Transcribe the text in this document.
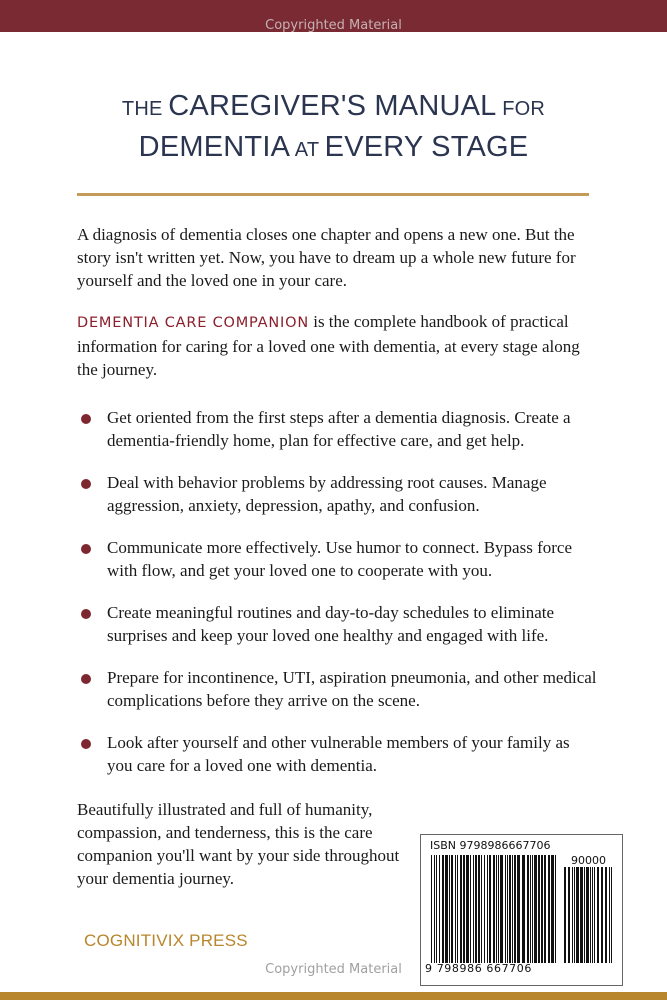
Copyrighted Material
THE CAREGIVER'S MANUAL FOR
DEMENTIA AT EVERY STAGE

A diagnosis of dementia closes one chapter and opens a new one. But the story isn't written yet. Now, you have to dream up a whole new future for yourself and the loved one in your care.

DEMENTIA CARE COMPANION is the complete handbook of practical information for caring for a loved one with dementia, at every stage along the journey.

Get oriented from the first steps after a dementia diagnosis. Create a dementia-friendly home, plan for effective care, and get help.
Deal with behavior problems by addressing root causes. Manage aggression, anxiety, depression, apathy, and confusion.
Communicate more effectively. Use humor to connect. Bypass force with flow, and get your loved one to cooperate with you.
Create meaningful routines and day-to-day schedules to eliminate surprises and keep your loved one healthy and engaged with life.
Prepare for incontinence, UTI, aspiration pneumonia, and other medical complications before they arrive on the scene.
Look after yourself and other vulnerable members of your family as you care for a loved one with dementia.

Beautifully illustrated and full of humanity, compassion, and tenderness, this is the care companion you'll want by your side throughout your dementia journey.

COGNITIVIX PRESS
ISBN 9798986667706
90000
9 798986 667706
Copyrighted Material
